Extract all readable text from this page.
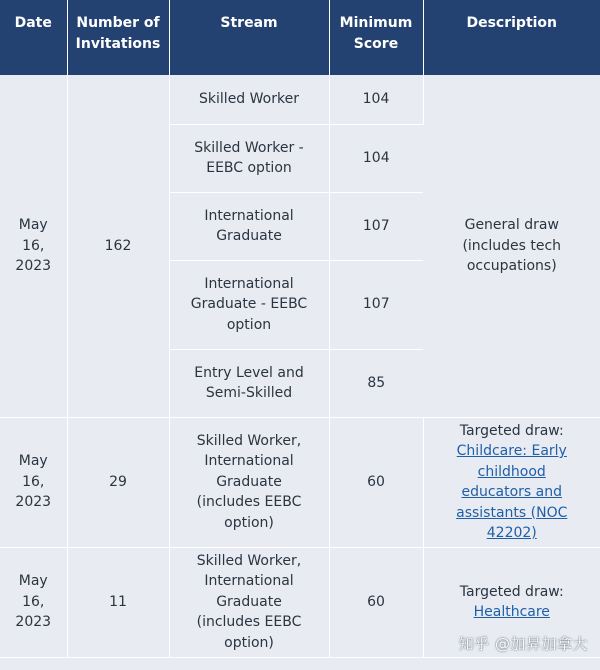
Date	Number of Invitations	Stream	Minimum Score	Description
May 16, 2023	162	Skilled Worker	104	General draw (includes tech occupations)
		Skilled Worker - EEBC option	104	
		International Graduate	107	
		International Graduate - EEBC option	107	
		Entry Level and Semi-Skilled	85	
May 16, 2023	29	Skilled Worker, International Graduate (includes EEBC option)	60	Targeted draw:
Childcare: Early childhood educators and assistants (NOC 42202)
May 16, 2023	11	Skilled Worker, International Graduate (includes EEBC option)	60	Targeted draw:
Healthcare
知乎 @加昇加拿大
